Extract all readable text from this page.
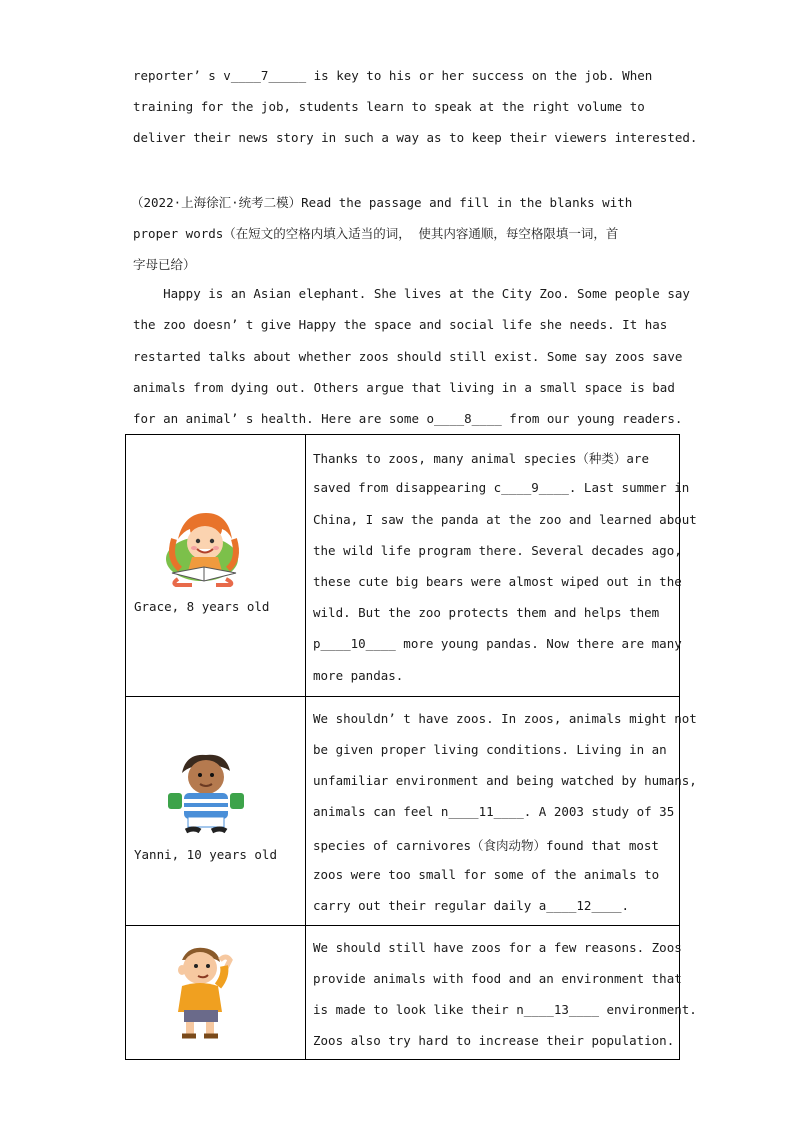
reporter’ s v____7_____ is key to his or her success on the job. When
training for the job, students learn to speak at the right volume to
deliver their news story in such a way as to keep their viewers interested.
（2022·上海徐汇·统考二模）Read the passage and fill in the blanks with
proper words（在短文的空格内填入适当的词， 使其内容通顺，每空格限填一词，首
字母已给）
Happy is an Asian elephant. She lives at the City Zoo. Some people say
the zoo doesn’ t give Happy the space and social life she needs. It has
restarted talks about whether zoos should still exist. Some say zoos save
animals from dying out. Others argue that living in a small space is bad
for an animal’ s health. Here are some o____8____ from our young readers.
Grace, 8 years old
Thanks to zoos, many animal species（种类）are
saved from disappearing c____9____. Last summer in
China, I saw the panda at the zoo and learned about
the wild life program there. Several decades ago,
these cute big bears were almost wiped out in the
wild. But the zoo protects them and helps them
p____10____ more young pandas. Now there are many
more pandas.
Yanni, 10 years old
We shouldn’ t have zoos. In zoos, animals might not
be given proper living conditions. Living in an
unfamiliar environment and being watched by humans,
animals can feel n____11____. A 2003 study of 35
species of carnivores（食肉动物）found that most
zoos were too small for some of the animals to
carry out their regular daily a____12____.
We should still have zoos for a few reasons. Zoos
provide animals with food and an environment that
is made to look like their n____13____ environment.
Zoos also try hard to increase their population.
